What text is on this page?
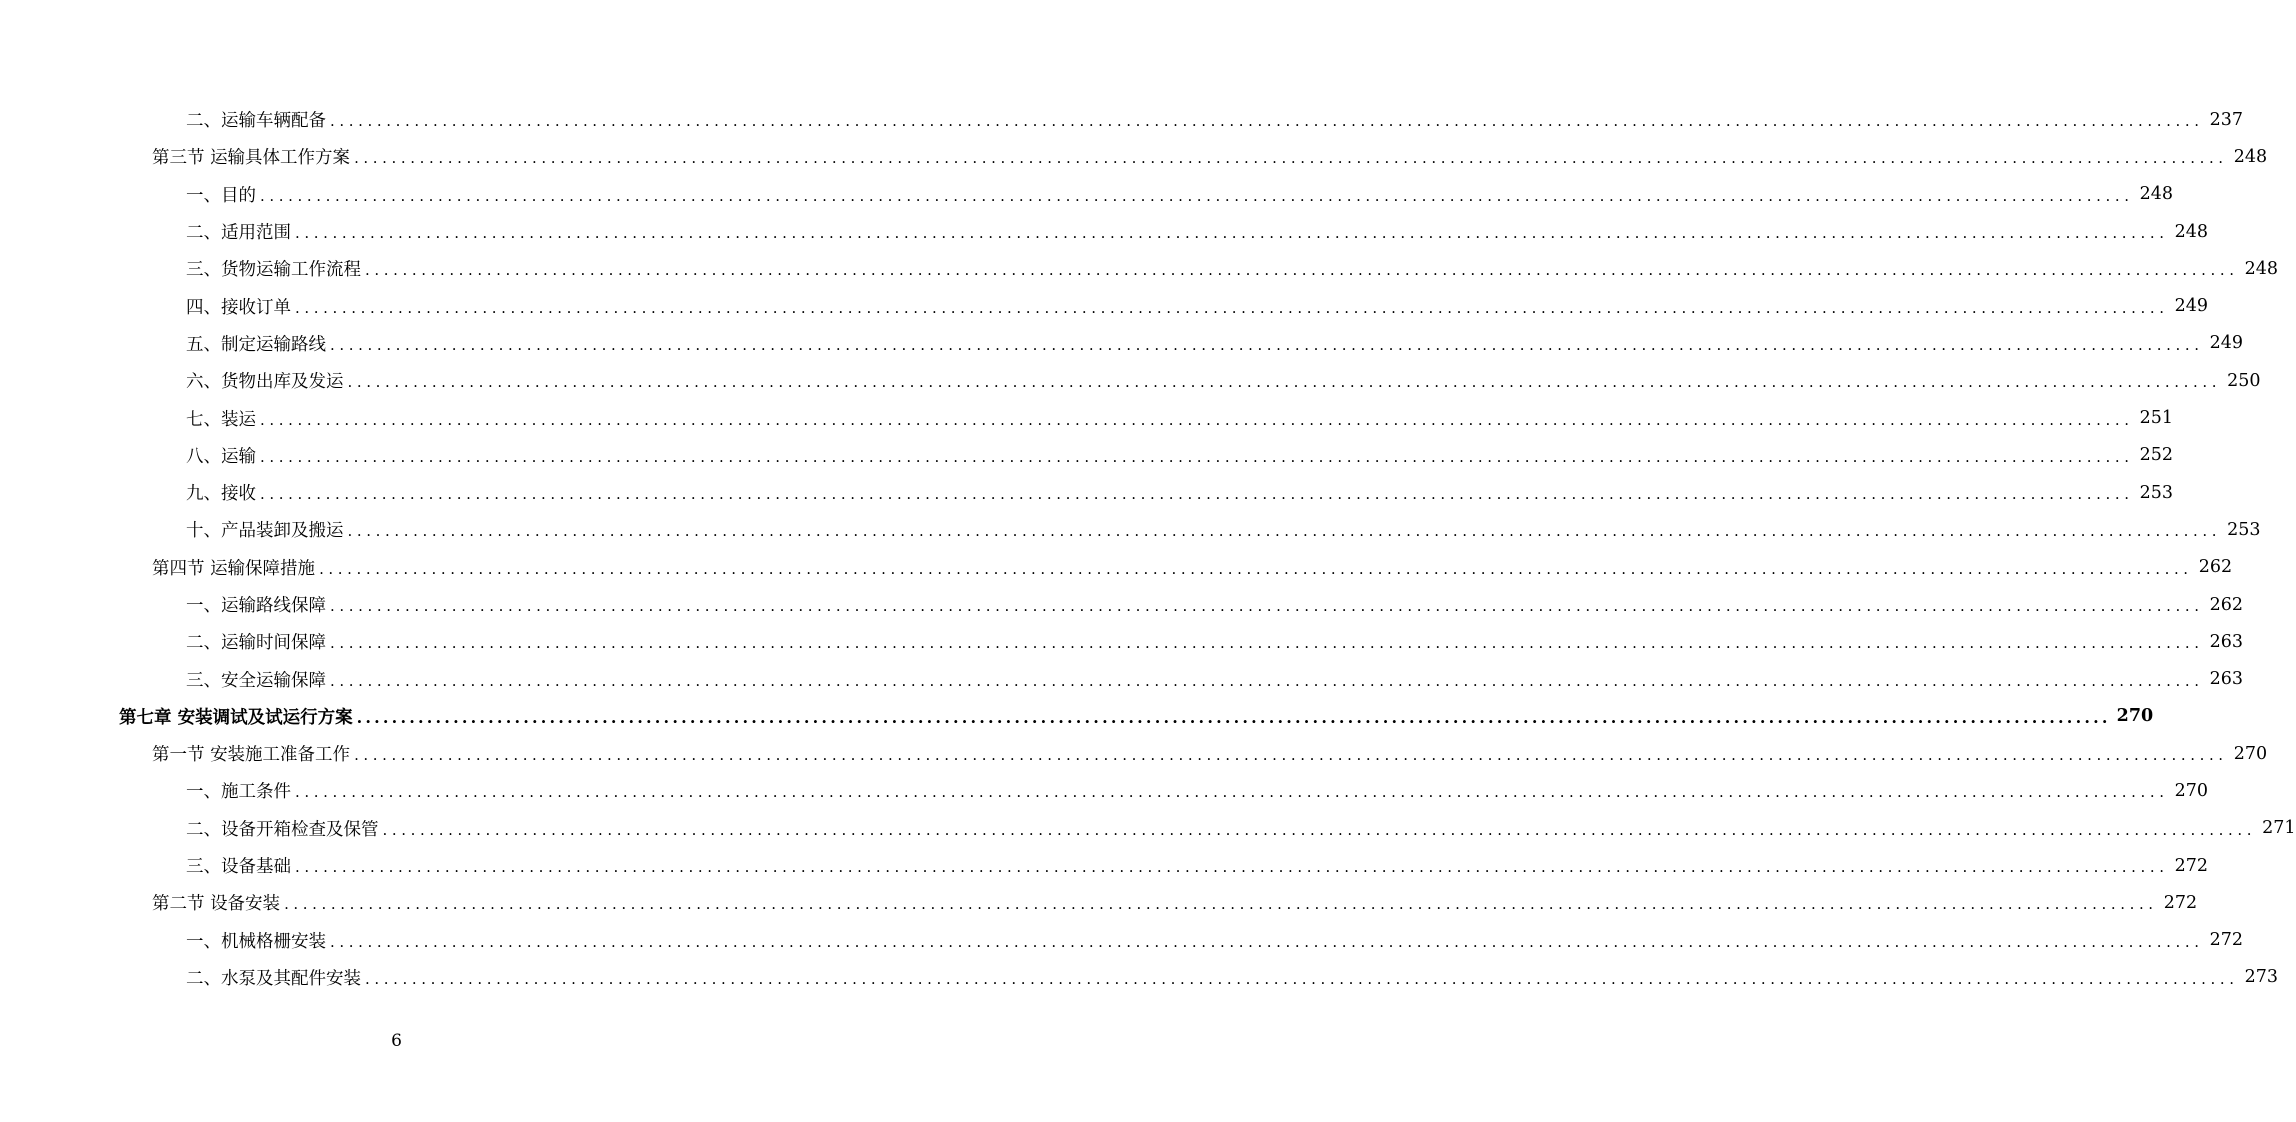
二、运输车辆配备 ........................................................................................................................................................................................................ 237
第三节 运输具体工作方案 ........................................................................................................................................................................................................ 248
一、目的 ........................................................................................................................................................................................................ 248
二、适用范围 ........................................................................................................................................................................................................ 248
三、货物运输工作流程 ........................................................................................................................................................................................................ 248
四、接收订单 ........................................................................................................................................................................................................ 249
五、制定运输路线 ........................................................................................................................................................................................................ 249
六、货物出库及发运 ........................................................................................................................................................................................................ 250
七、装运 ........................................................................................................................................................................................................ 251
八、运输 ........................................................................................................................................................................................................ 252
九、接收 ........................................................................................................................................................................................................ 253
十、产品装卸及搬运 ........................................................................................................................................................................................................ 253
第四节 运输保障措施 ........................................................................................................................................................................................................ 262
一、运输路线保障 ........................................................................................................................................................................................................ 262
二、运输时间保障 ........................................................................................................................................................................................................ 263
三、安全运输保障 ........................................................................................................................................................................................................ 263
第七章 安装调试及试运行方案 ........................................................................................................................................................................................................ 270
第一节 安装施工准备工作 ........................................................................................................................................................................................................ 270
一、施工条件 ........................................................................................................................................................................................................ 270
二、设备开箱检查及保管 ........................................................................................................................................................................................................ 271
三、设备基础 ........................................................................................................................................................................................................ 272
第二节 设备安装 ........................................................................................................................................................................................................ 272
一、机械格栅安装 ........................................................................................................................................................................................................ 272
二、水泵及其配件安装 ........................................................................................................................................................................................................ 273
6
